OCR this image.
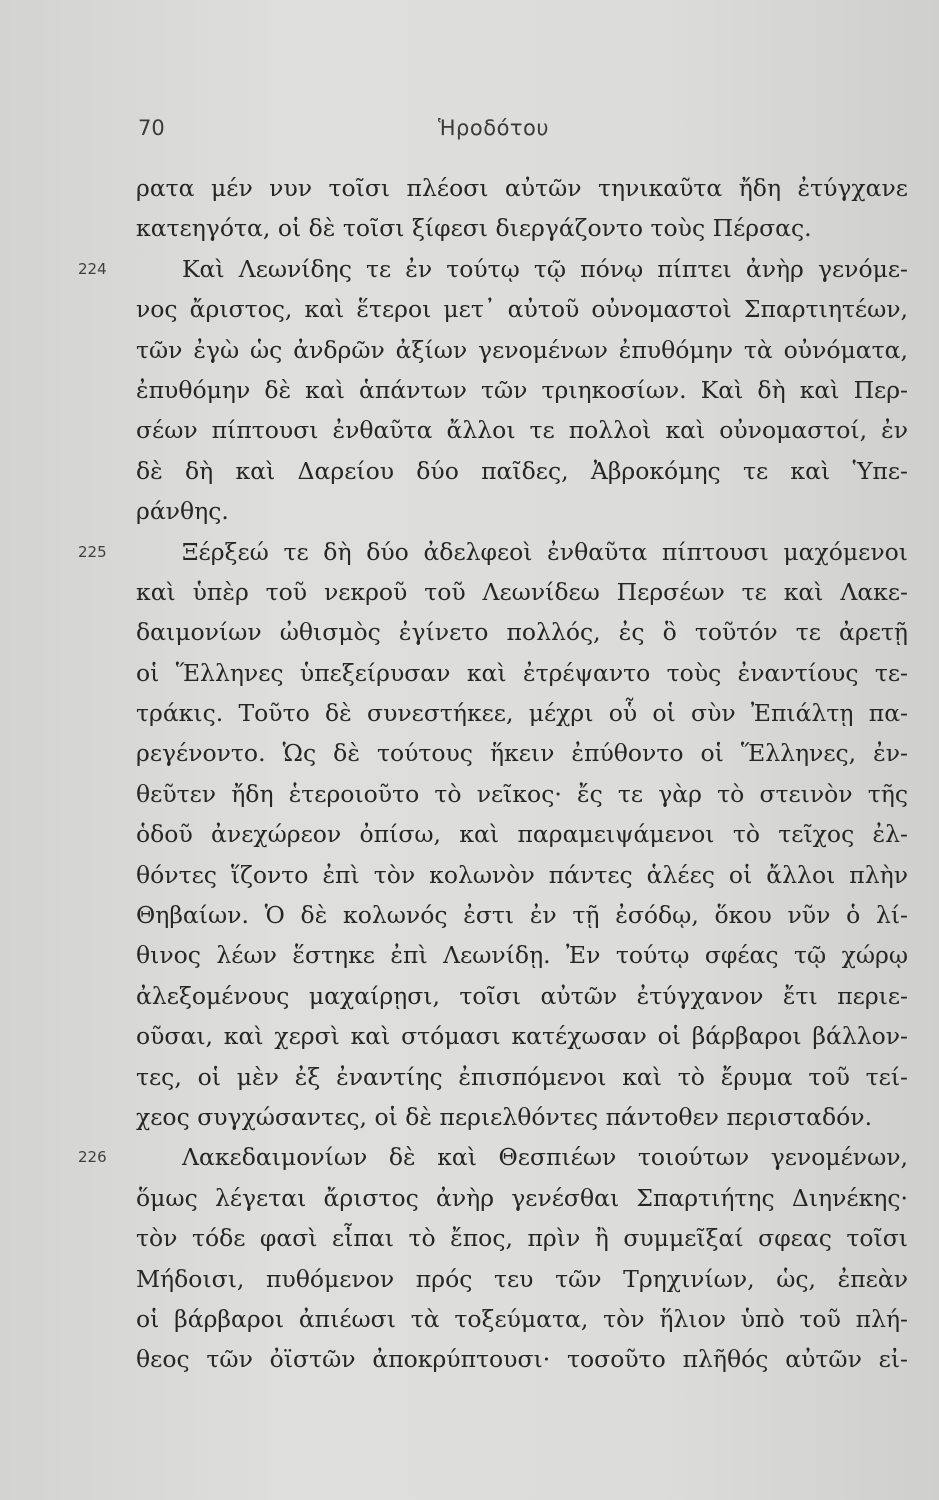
70	Ἡροδότου
ρατα μέν νυν τοῖσι πλέοσι αὐτῶν τηνικαῦτα ἤδη ἐτύγχανε
κατεηγότα, οἱ δὲ τοῖσι ξίφεσι διεργάζοντο τοὺς Πέρσας.
224	Καὶ Λεωνίδης τε ἐν τούτῳ τῷ πόνῳ πίπτει ἀνὴρ γενόμε-
νος ἄριστος, καὶ ἕτεροι μετ᾽ αὐτοῦ οὐνομαστοὶ Σπαρτιητέων,
τῶν ἐγὼ ὡς ἀνδρῶν ἀξίων γενομένων ἐπυθόμην τὰ οὐνόματα,
ἐπυθόμην δὲ καὶ ἁπάντων τῶν τριηκοσίων. Καὶ δὴ καὶ Περ-
σέων πίπτουσι ἐνθαῦτα ἄλλοι τε πολλοὶ καὶ οὐνομαστοί, ἐν
δὲ δὴ καὶ Δαρείου δύο παῖδες, Ἀβροκόμης τε καὶ Ὑπε-
ράνθης.
225	Ξέρξεώ τε δὴ δύο ἀδελφεοὶ ἐνθαῦτα πίπτουσι μαχόμενοι
καὶ ὑπὲρ τοῦ νεκροῦ τοῦ Λεωνίδεω Περσέων τε καὶ Λακε-
δαιμονίων ὠθισμὸς ἐγίνετο πολλός, ἐς ὃ τοῦτόν τε ἀρετῇ
οἱ Ἕλληνες ὑπεξείρυσαν καὶ ἐτρέψαντο τοὺς ἐναντίους τε-
τράκις. Τοῦτο δὲ συνεστήκεε, μέχρι οὗ οἱ σὺν Ἐπιάλτῃ πα-
ρεγένοντο. Ὡς δὲ τούτους ἥκειν ἐπύθοντο οἱ Ἕλληνες, ἐν-
θεῦτεν ἤδη ἑτεροιοῦτο τὸ νεῖκος· ἔς τε γὰρ τὸ στεινὸν τῆς
ὁδοῦ ἀνεχώρεον ὀπίσω, καὶ παραμειψάμενοι τὸ τεῖχος ἐλ-
θόντες ἵζοντο ἐπὶ τὸν κολωνὸν πάντες ἁλέες οἱ ἄλλοι πλὴν
Θηβαίων. Ὁ δὲ κολωνός ἐστι ἐν τῇ ἐσόδῳ, ὅκου νῦν ὁ λί-
θινος λέων ἕστηκε ἐπὶ Λεωνίδῃ. Ἐν τούτῳ σφέας τῷ χώρῳ
ἀλεξομένους μαχαίρῃσι, τοῖσι αὐτῶν ἐτύγχανον ἔτι περιε-
οῦσαι, καὶ χερσὶ καὶ στόμασι κατέχωσαν οἱ βάρβαροι βάλλον-
τες, οἱ μὲν ἐξ ἐναντίης ἐπισπόμενοι καὶ τὸ ἔρυμα τοῦ τεί-
χεος συγχώσαντες, οἱ δὲ περιελθόντες πάντοθεν περισταδόν.
226	Λακεδαιμονίων δὲ καὶ Θεσπιέων τοιούτων γενομένων,
ὅμως λέγεται ἄριστος ἀνὴρ γενέσθαι Σπαρτιήτης Διηνέκης·
τὸν τόδε φασὶ εἶπαι τὸ ἔπος, πρὶν ἢ συμμεῖξαί σφεας τοῖσι
Μήδοισι, πυθόμενον πρός τευ τῶν Τρηχινίων, ὡς, ἐπεὰν
οἱ βάρβαροι ἀπιέωσι τὰ τοξεύματα, τὸν ἥλιον ὑπὸ τοῦ πλή-
θεος τῶν ὀϊστῶν ἀποκρύπτουσι· τοσοῦτο πλῆθός αὐτῶν εἰ-
